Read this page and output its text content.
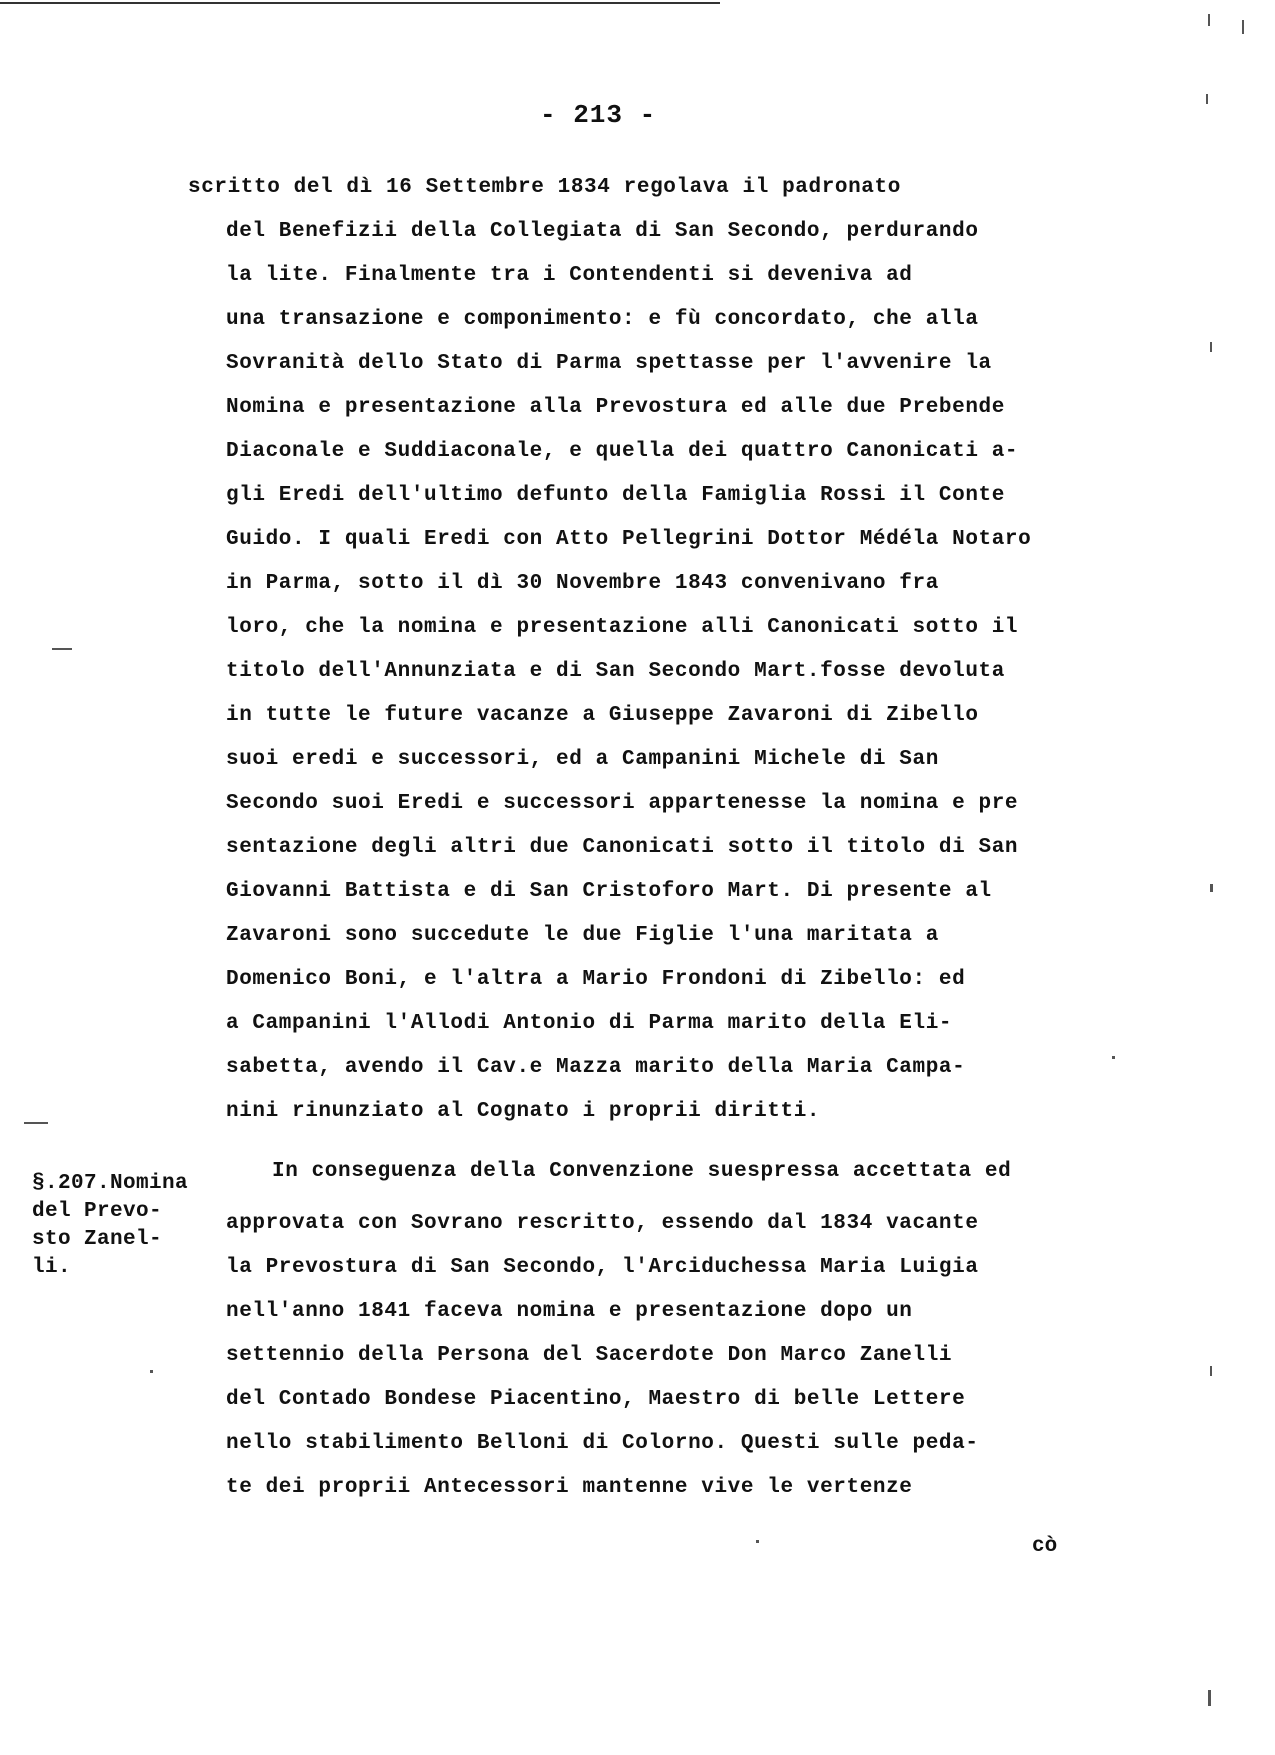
- 213 -
scritto del dì 16 Settembre 1834 regolava il padronato
del Benefizii della Collegiata di San Secondo, perdurando
la lite. Finalmente tra i Contendenti si deveniva ad
una transazione e componimento: e fù concordato, che alla
Sovranità dello Stato di Parma spettasse per l'avvenire la
Nomina e presentazione alla Prevostura ed alle due Prebende
Diaconale e Suddiaconale, e quella dei quattro Canonicati a-
gli Eredi dell'ultimo defunto della Famiglia Rossi il Conte
Guido. I quali Eredi con Atto Pellegrini Dottor Médéla Notaro
in Parma, sotto il dì 30 Novembre 1843 convenivano fra
loro, che la nomina e presentazione alli Canonicati sotto il
titolo dell'Annunziata e di San Secondo Mart.fosse devoluta
in tutte le future vacanze a Giuseppe Zavaroni di Zibello
suoi eredi e successori, ed a Campanini Michele di San
Secondo suoi Eredi e successori appartenesse la nomina e pre
sentazione degli altri due Canonicati sotto il titolo di San
Giovanni Battista e di San Cristoforo Mart. Di presente al
Zavaroni sono succedute le due Figlie l'una maritata a
Domenico Boni, e l'altra a Mario Frondoni di Zibello: ed
a Campanini l'Allodi Antonio di Parma marito della Eli-
sabetta, avendo il Cav.e Mazza marito della Maria Campa-
nini rinunziato al Cognato i proprii diritti.
In conseguenza della Convenzione suespressa accettata ed
approvata con Sovrano rescritto, essendo dal 1834 vacante
la Prevostura di San Secondo, l'Arciduchessa Maria Luigia
nell'anno 1841 faceva nomina e presentazione dopo un
settennio della Persona del Sacerdote Don Marco Zanelli
del Contado Bondese Piacentino, Maestro di belle Lettere
nello stabilimento Belloni di Colorno. Questi sulle peda-
te dei proprii Antecessori mantenne vive le vertenze
§.207.Nomina
del Prevo-
sto Zanel-
li.
cò
